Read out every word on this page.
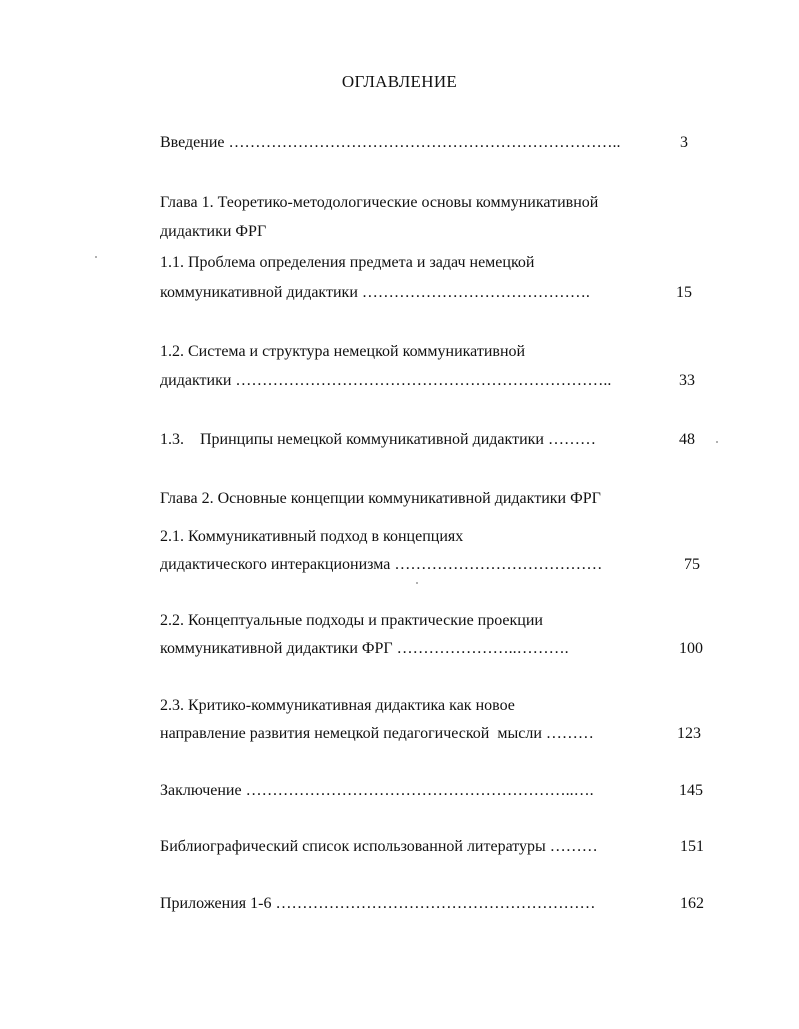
ОГЛАВЛЕНИЕ
Введение ………………………………………………………………..	3
Глава 1. Теоретико-методологические основы коммуникативной
дидактики ФРГ
1.1. Проблема определения предмета и задач немецкой
коммуникативной дидактики …………………………………….	15
1.2. Система и структура немецкой коммуникативной
дидактики ……………………………………………………………..	33
1.3.    Принципы немецкой коммуникативной дидактики ………	48
Глава 2. Основные концепции коммуникативной дидактики ФРГ
2.1. Коммуникативный подход в концепциях
дидактического интеракционизма …………………………………	75
2.2. Концептуальные подходы и практические проекции
коммуникативной дидактики ФРГ …………………..……….	100
2.3. Критико-коммуникативная дидактика как новое
направление развития немецкой педагогической  мысли ………	123
Заключение ……………………………………………………..….	145
Библиографический список использованной литературы ………	151
Приложения 1-6 ……………………………………………………	162
